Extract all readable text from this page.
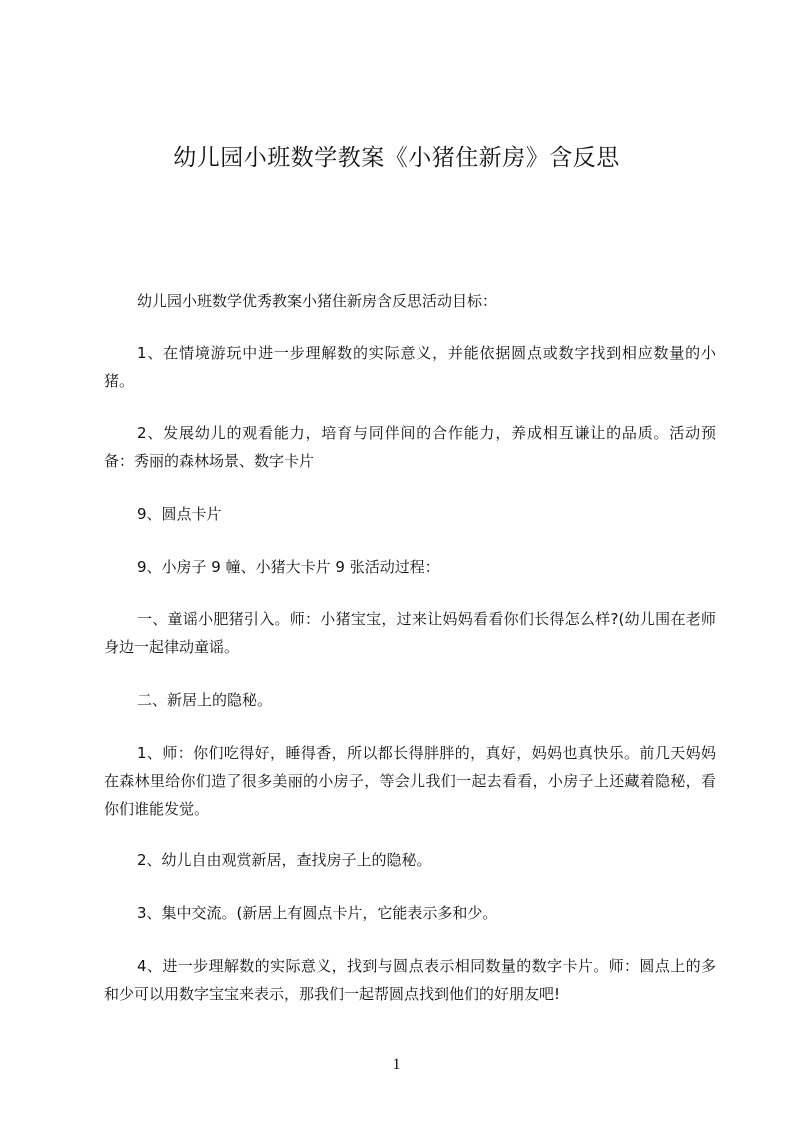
幼儿园小班数学教案《小猪住新房》含反思

幼儿园小班数学优秀教案小猪住新房含反思活动目标：

1、在情境游玩中进一步理解数的实际意义，并能依据圆点或数字找到相应数量的小猪。

2、发展幼儿的观看能力，培育与同伴间的合作能力，养成相互谦让的品质。活动预备：秀丽的森林场景、数字卡片

9、圆点卡片

9、小房子 9 幢、小猪大卡片 9 张活动过程：

一、童谣小肥猪引入。师：小猪宝宝，过来让妈妈看看你们长得怎么样?(幼儿围在老师身边一起律动童谣。

二、新居上的隐秘。

1、师：你们吃得好，睡得香，所以都长得胖胖的，真好，妈妈也真快乐。前几天妈妈在森林里给你们造了很多美丽的小房子，等会儿我们一起去看看，小房子上还藏着隐秘，看你们谁能发觉。

2、幼儿自由观赏新居，查找房子上的隐秘。

3、集中交流。(新居上有圆点卡片，它能表示多和少。

4、进一步理解数的实际意义，找到与圆点表示相同数量的数字卡片。师：圆点上的多和少可以用数字宝宝来表示，那我们一起帮圆点找到他们的好朋友吧!

1
